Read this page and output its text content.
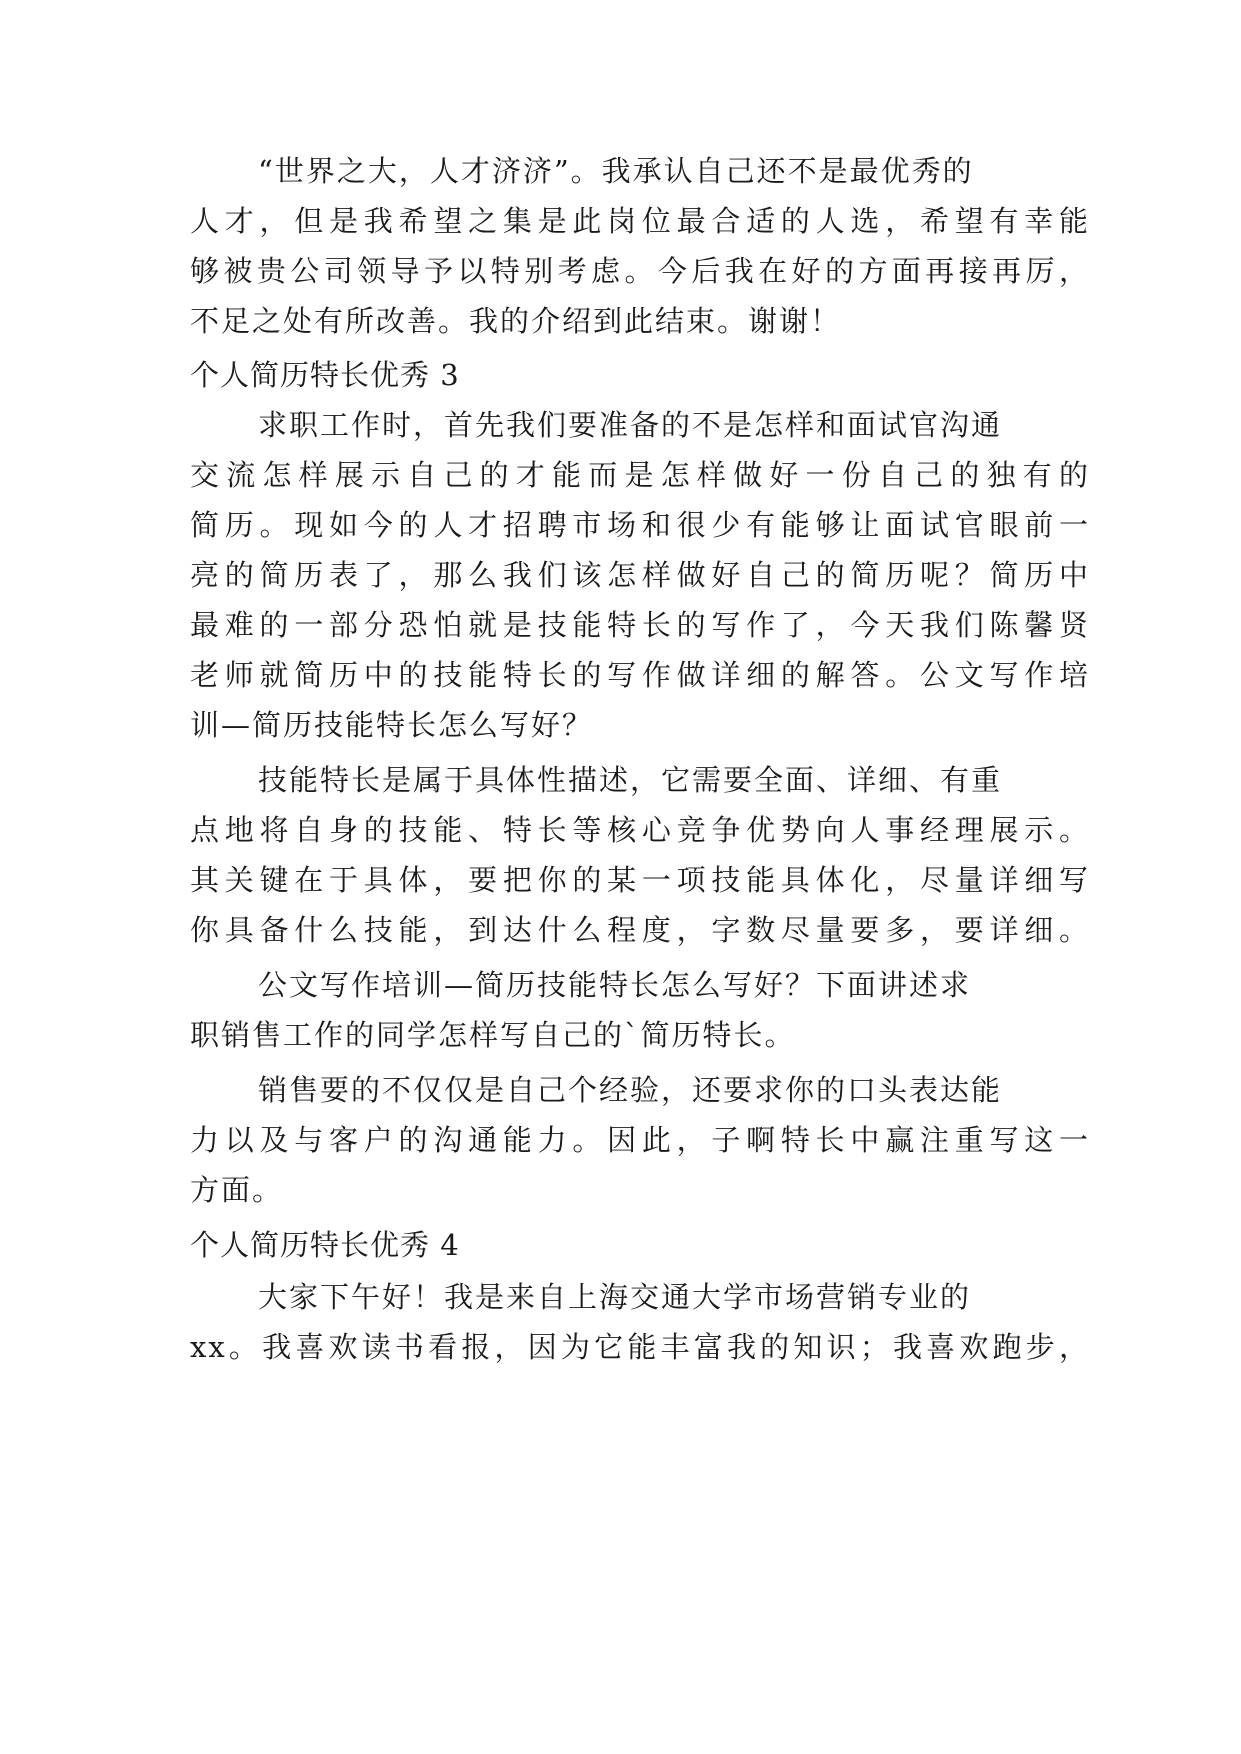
“世界之大，人才济济”。我承认自己还不是最优秀的
人才，但是我希望之集是此岗位最合适的人选，希望有幸能
够被贵公司领导予以特别考虑。今后我在好的方面再接再厉，
不足之处有所改善。我的介绍到此结束。谢谢！
个人简历特长优秀 3
求职工作时，首先我们要准备的不是怎样和面试官沟通
交流怎样展示自己的才能而是怎样做好一份自己的独有的
简历。现如今的人才招聘市场和很少有能够让面试官眼前一
亮的简历表了，那么我们该怎样做好自己的简历呢？简历中
最难的一部分恐怕就是技能特长的写作了，今天我们陈馨贤
老师就简历中的技能特长的写作做详细的解答。公文写作培
训—简历技能特长怎么写好？
技能特长是属于具体性描述，它需要全面、详细、有重
点地将自身的技能、特长等核心竞争优势向人事经理展示。
其关键在于具体，要把你的某一项技能具体化，尽量详细写
你具备什么技能，到达什么程度，字数尽量要多，要详细。
公文写作培训—简历技能特长怎么写好？下面讲述求
职销售工作的同学怎样写自己的`简历特长。
销售要的不仅仅是自己个经验，还要求你的口头表达能
力以及与客户的沟通能力。因此，子啊特长中赢注重写这一
方面。
个人简历特长优秀 4
大家下午好！我是来自上海交通大学市场营销专业的
xx。我喜欢读书看报，因为它能丰富我的知识；我喜欢跑步，
